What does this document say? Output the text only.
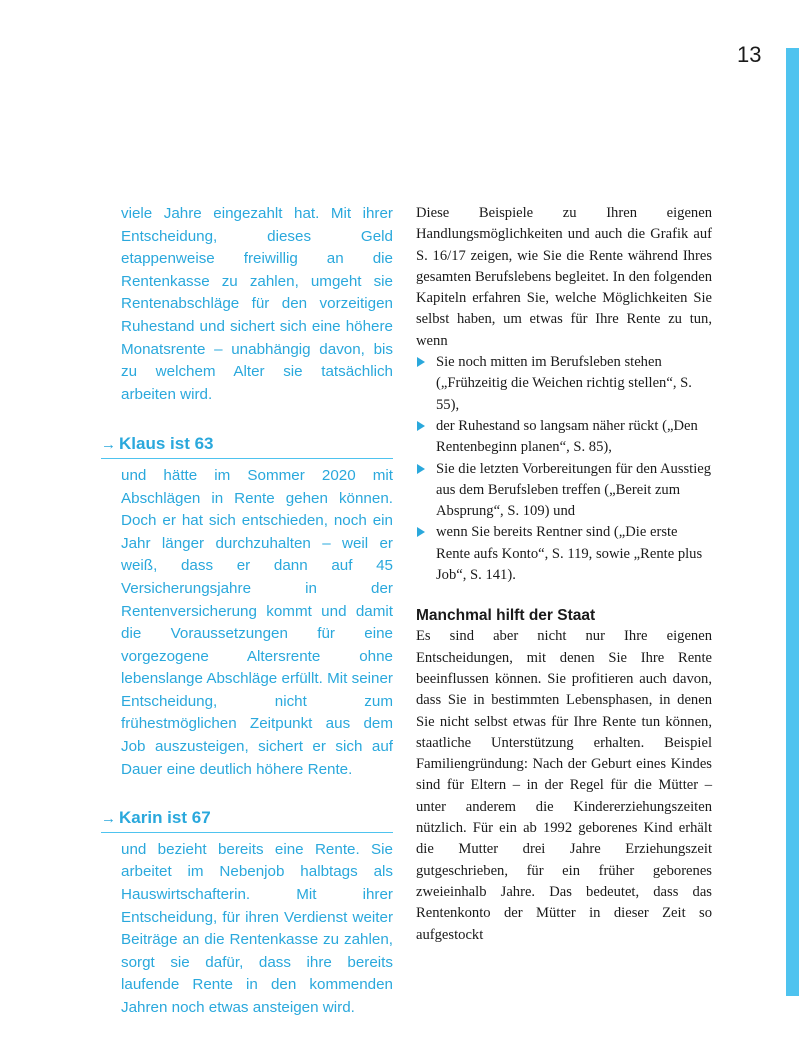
13

viele Jahre eingezahlt hat. Mit ihrer Entscheidung, dieses Geld etappenweise freiwillig an die Rentenkasse zu zahlen, umgeht sie Rentenabschläge für den vorzeitigen Ruhestand und sichert sich eine höhere Monatsrente – unabhängig davon, bis zu welchem Alter sie tatsächlich arbeiten wird.

→ Klaus ist 63

und hätte im Sommer 2020 mit Abschlägen in Rente gehen können. Doch er hat sich entschieden, noch ein Jahr länger durchzuhalten – weil er weiß, dass er dann auf 45 Versicherungsjahre in der Rentenversicherung kommt und damit die Voraussetzungen für eine vorgezogene Altersrente ohne lebenslange Abschläge erfüllt. Mit seiner Entscheidung, nicht zum frühestmöglichen Zeitpunkt aus dem Job auszusteigen, sichert er sich auf Dauer eine deutlich höhere Rente.

→ Karin ist 67

und bezieht bereits eine Rente. Sie arbeitet im Nebenjob halbtags als Hauswirtschafterin. Mit ihrer Entscheidung, für ihren Verdienst weiter Beiträge an die Rentenkasse zu zahlen, sorgt sie dafür, dass ihre bereits laufende Rente in den kommenden Jahren noch etwas ansteigen wird.

Diese Beispiele zu Ihren eigenen Handlungsmöglichkeiten und auch die Grafik auf S. 16/17 zeigen, wie Sie die Rente während Ihres gesamten Berufslebens begleitet. In den folgenden Kapiteln erfahren Sie, welche Möglichkeiten Sie selbst haben, um etwas für Ihre Rente zu tun, wenn

Sie noch mitten im Berufsleben stehen („Frühzeitig die Weichen richtig stellen“, S. 55),
der Ruhestand so langsam näher rückt („Den Rentenbeginn planen“, S. 85),
Sie die letzten Vorbereitungen für den Ausstieg aus dem Berufsleben treffen („Bereit zum Absprung“, S. 109) und
wenn Sie bereits Rentner sind („Die erste Rente aufs Konto“, S. 119, sowie „Rente plus Job“, S. 141).
Manchmal hilft der Staat

Es sind aber nicht nur Ihre eigenen Entscheidungen, mit denen Sie Ihre Rente beeinflussen können. Sie profitieren auch davon, dass Sie in bestimmten Lebensphasen, in denen Sie nicht selbst etwas für Ihre Rente tun können, staatliche Unterstützung erhalten. Beispiel Familiengründung: Nach der Geburt eines Kindes sind für Eltern – in der Regel für die Mütter – unter anderem die Kindererziehungszeiten nützlich. Für ein ab 1992 geborenes Kind erhält die Mutter drei Jahre Erziehungszeit gutgeschrieben, für ein früher geborenes zweieinhalb Jahre. Das bedeutet, dass das Rentenkonto der Mütter in dieser Zeit so aufgestockt
